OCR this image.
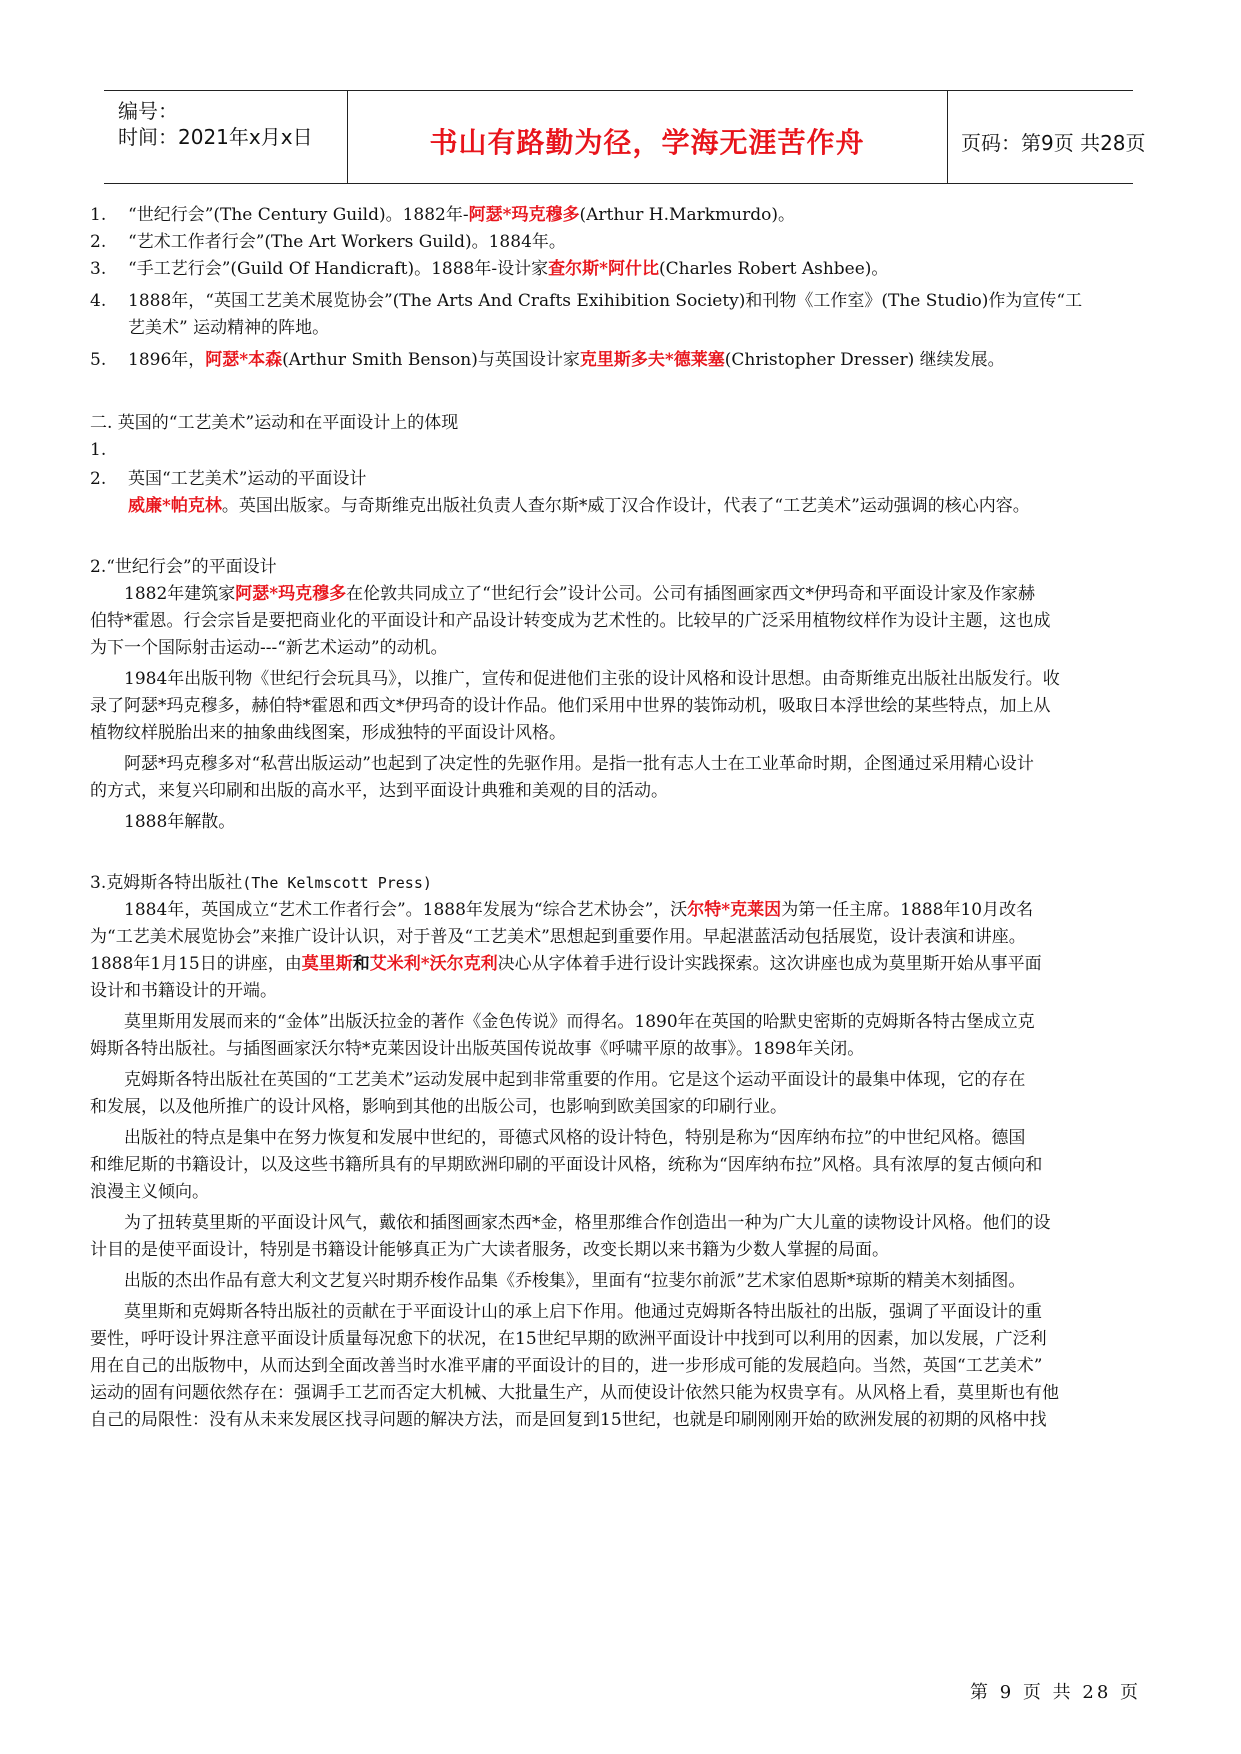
编号：
时间：2021年x月x日	书山有路勤为径，学海无涯苦作舟	页码：第9页 共28页
1. “世纪行会”(The Century Guild)。1882年-阿瑟*玛克穆多(Arthur H.Markmurdo)。
2. “艺术工作者行会”(The Art Workers Guild)。1884年。
3. “手工艺行会”(Guild Of Handicraft)。1888年-设计家查尔斯*阿什比(Charles Robert Ashbee)。
4. 1888年，“英国工艺美术展览协会”(The Arts And Crafts Exihibition Society)和刊物《工作室》(The Studio)作为宣传“工
艺美术” 运动精神的阵地。
5. 1896年，阿瑟*本森(Arthur Smith Benson)与英国设计家克里斯多夫*德莱塞(Christopher Dresser) 继续发展。
二. 英国的“工艺美术”运动和在平面设计上的体现
1.
2. 英国“工艺美术”运动的平面设计
威廉*帕克林。英国出版家。与奇斯维克出版社负责人查尔斯*威丁汉合作设计，代表了“工艺美术”运动强调的核心内容。
2.“世纪行会”的平面设计
1882年建筑家阿瑟*玛克穆多在伦敦共同成立了“世纪行会”设计公司。公司有插图画家西文*伊玛奇和平面设计家及作家赫
伯特*霍恩。行会宗旨是要把商业化的平面设计和产品设计转变成为艺术性的。比较早的广泛采用植物纹样作为设计主题，这也成
为下一个国际射击运动---“新艺术运动”的动机。
1984年出版刊物《世纪行会玩具马》，以推广，宣传和促进他们主张的设计风格和设计思想。由奇斯维克出版社出版发行。收
录了阿瑟*玛克穆多，赫伯特*霍恩和西文*伊玛奇的设计作品。他们采用中世界的装饰动机，吸取日本浮世绘的某些特点，加上从
植物纹样脱胎出来的抽象曲线图案，形成独特的平面设计风格。
阿瑟*玛克穆多对“私营出版运动”也起到了决定性的先驱作用。是指一批有志人士在工业革命时期，企图通过采用精心设计
的方式，来复兴印刷和出版的高水平，达到平面设计典雅和美观的目的活动。
1888年解散。
3.克姆斯各特出版社(The Kelmscott Press)
1884年，英国成立“艺术工作者行会”。1888年发展为“综合艺术协会”，沃尔特*克莱因为第一任主席。1888年10月改名
为“工艺美术展览协会”来推广设计认识，对于普及“工艺美术”思想起到重要作用。早起湛蓝活动包括展览，设计表演和讲座。
1888年1月15日的讲座，由莫里斯和艾米利*沃尔克利决心从字体着手进行设计实践探索。这次讲座也成为莫里斯开始从事平面
设计和书籍设计的开端。
莫里斯用发展而来的“金体”出版沃拉金的著作《金色传说》而得名。1890年在英国的哈默史密斯的克姆斯各特古堡成立克
姆斯各特出版社。与插图画家沃尔特*克莱因设计出版英国传说故事《呼啸平原的故事》。1898年关闭。
克姆斯各特出版社在英国的“工艺美术”运动发展中起到非常重要的作用。它是这个运动平面设计的最集中体现，它的存在
和发展，以及他所推广的设计风格，影响到其他的出版公司，也影响到欧美国家的印刷行业。
出版社的特点是集中在努力恢复和发展中世纪的，哥德式风格的设计特色，特别是称为“因库纳布拉”的中世纪风格。德国
和维尼斯的书籍设计，以及这些书籍所具有的早期欧洲印刷的平面设计风格，统称为“因库纳布拉”风格。具有浓厚的复古倾向和
浪漫主义倾向。
为了扭转莫里斯的平面设计风气，戴依和插图画家杰西*金，格里那维合作创造出一种为广大儿童的读物设计风格。他们的设
计目的是使平面设计，特别是书籍设计能够真正为广大读者服务，改变长期以来书籍为少数人掌握的局面。
出版的杰出作品有意大利文艺复兴时期乔梭作品集《乔梭集》，里面有“拉斐尔前派”艺术家伯恩斯*琼斯的精美木刻插图。
莫里斯和克姆斯各特出版社的贡献在于平面设计山的承上启下作用。他通过克姆斯各特出版社的出版，强调了平面设计的重
要性，呼吁设计界注意平面设计质量每况愈下的状况，在15世纪早期的欧洲平面设计中找到可以利用的因素，加以发展，广泛利
用在自己的出版物中，从而达到全面改善当时水准平庸的平面设计的目的，进一步形成可能的发展趋向。当然，英国“工艺美术”
运动的固有问题依然存在：强调手工艺而否定大机械、大批量生产，从而使设计依然只能为权贵享有。从风格上看，莫里斯也有他
自己的局限性：没有从未来发展区找寻问题的解决方法，而是回复到15世纪，也就是印刷刚刚开始的欧洲发展的初期的风格中找
第 9 页 共 28 页
